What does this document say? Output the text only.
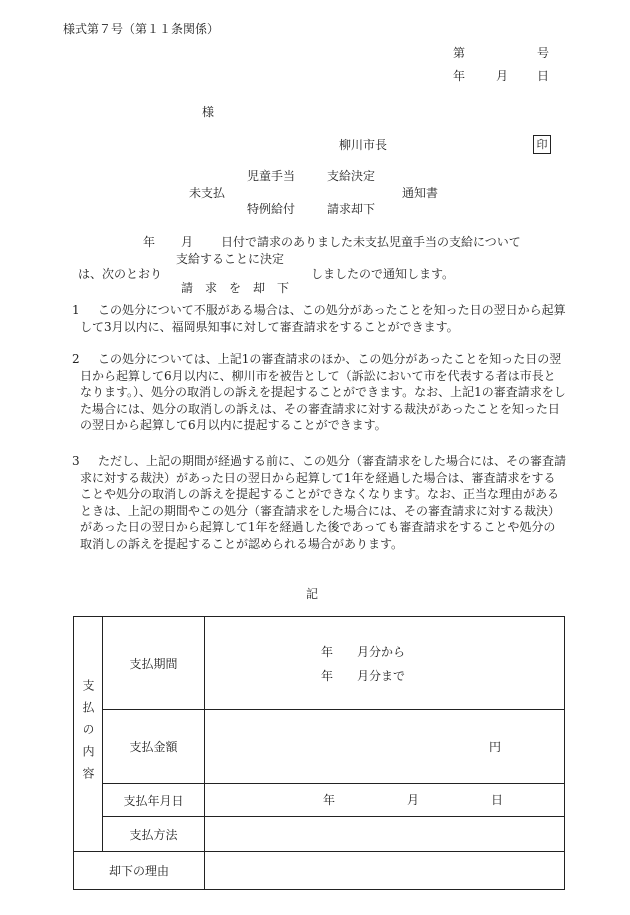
様式第７号（第１１条関係）
第	号
年	月 日
様
柳川市長	印
未支払
児童手当
特例給付
支給決定
請求却下
通知書
年 月 日付で請求のありました未支払児童手当の支給について
支給することに決定
は、次のとおり	しましたので通知します。
請　求　を　却　下
1	この処分について不服がある場合は、この処分があったことを知った日の翌日から起算して3月以内に、福岡県知事に対して審査請求をすることができます。
2	この処分については、上記1の審査請求のほか、この処分があったことを知った日の翌日から起算して6月以内に、柳川市を被告として（訴訟において市を代表する者は市長となります。）、処分の取消しの訴えを提起することができます。なお、上記1の審査請求をした場合には、処分の取消しの訴えは、その審査請求に対する裁決があったことを知った日の翌日から起算して6月以内に提起することができます。
3	ただし、上記の期間が経過する前に、この処分（審査請求をした場合には、その審査請求に対する裁決）があった日の翌日から起算して1年を経過した場合は、審査請求をすることや処分の取消しの訴えを提起することができなくなります。なお、正当な理由があるときは、上記の期間やこの処分（審査請求をした場合には、その審査請求に対する裁決）があった日の翌日から起算して1年を経過した後であっても審査請求をすることや処分の取消しの訴えを提起することが認められる場合があります。
記
支払の内容	支払期間	年　　月分から
年　　月分まで

	支払金額	円

	支払年月日	年 月 日

	支払方法	
却下の理由		
